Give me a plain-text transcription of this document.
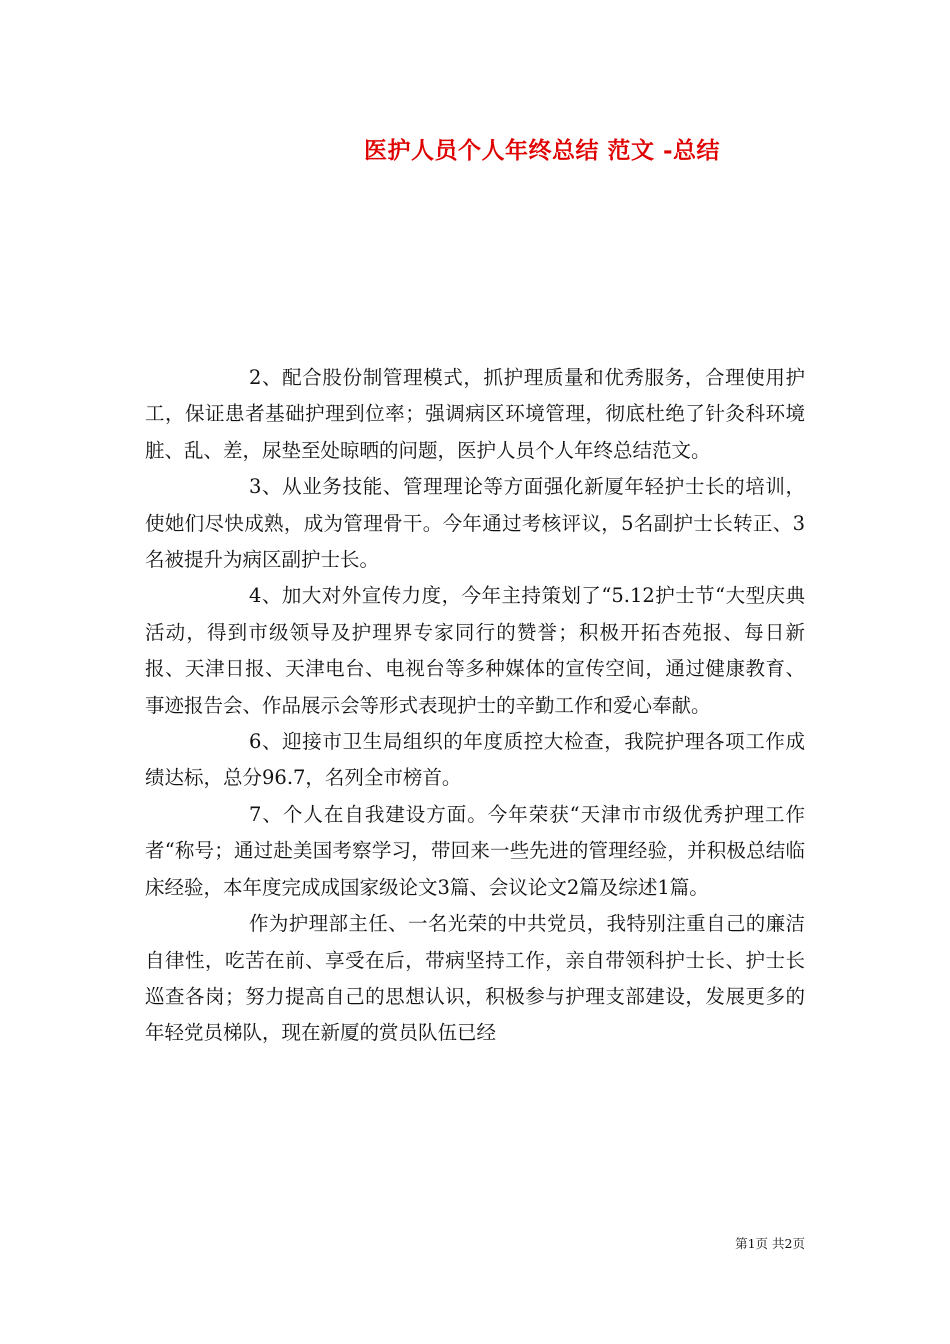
医护人员个人年终总结 范文 -总结

2、配合股份制管理模式，抓护理质量和优秀服务，合理使用护工，保证患者基础护理到位率；强调病区环境管理，彻底杜绝了针灸科环境脏、乱、差，尿垫至处晾晒的问题，医护人员个人年终总结范文。

3、从业务技能、管理理论等方面强化新厦年轻护士长的培训，使她们尽快成熟，成为管理骨干。今年通过考核评议，5名副护士长转正、3名被提升为病区副护士长。

4、加大对外宣传力度，今年主持策划了“5.12护士节“大型庆典活动，得到市级领导及护理界专家同行的赞誉；积极开拓杏苑报、每日新报、天津日报、天津电台、电视台等多种媒体的宣传空间，通过健康教育、事迹报告会、作品展示会等形式表现护士的辛勤工作和爱心奉献。

6、迎接市卫生局组织的年度质控大检查，我院护理各项工作成绩达标，总分96.7，名列全市榜首。

7、个人在自我建设方面。今年荣获“天津市市级优秀护理工作者“称号；通过赴美国考察学习，带回来一些先进的管理经验，并积极总结临床经验，本年度完成成国家级论文3篇、会议论文2篇及综述1篇。

作为护理部主任、一名光荣的中共党员，我特别注重自己的廉洁自律性，吃苦在前、享受在后，带病坚持工作，亲自带领科护士长、护士长巡查各岗；努力提高自己的思想认识，积极参与护理支部建设，发展更多的年轻党员梯队，现在新厦的赏员队伍已经

第1页 共2页
